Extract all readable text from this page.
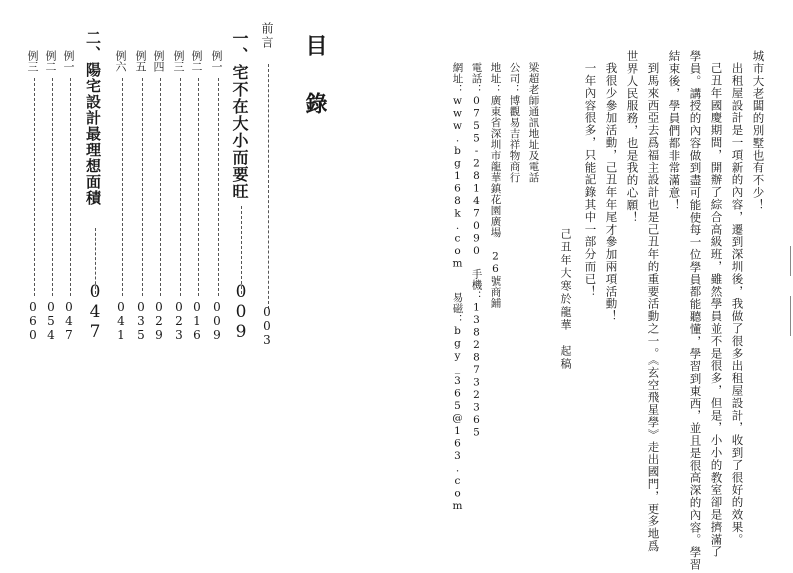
目
錄
前言
003
一、宅不在大小而要旺
009
例一
009
例二
016
例三
023
例四
029
例五
035
例六
041
二、陽宅設計最理想面積
047
例一
047
例二
054
例三
060
城市大老闆的別墅也有不少！
出租屋設計是一項新的內容，遷到深圳後，我做了很多出租屋設計，收到了很好的效果。
己丑年國慶期間，開辦了綜合高級班，雖然學員並不是很多，但是，小小的教室卻是擠滿了
學員。講授的內容做到盡可能使每一位學員都能聽懂，學習到東西，並且是很高深的內容。學習
結束後，學員們都非常滿意！
到馬來西亞去爲福主設計也是己丑年的重要活動之一。《玄空飛星學》走出國門，更多地爲
世界人民服務，也是我的心願！
我很少參加活動，己丑年年尾才參加兩項活動！
一年內容很多，只能記錄其中一部分而已！
己丑年大寒於龍華　起稿
梁超老師通訊地址及電話
公司：博觀易吉祥物商行
地址：廣東省深圳市龍華鎮花園廣場 26號商鋪
電話：0755-28147090　手機：13828732365
網址：www.bg168k.com　　易磁：bgy_365@163.com
